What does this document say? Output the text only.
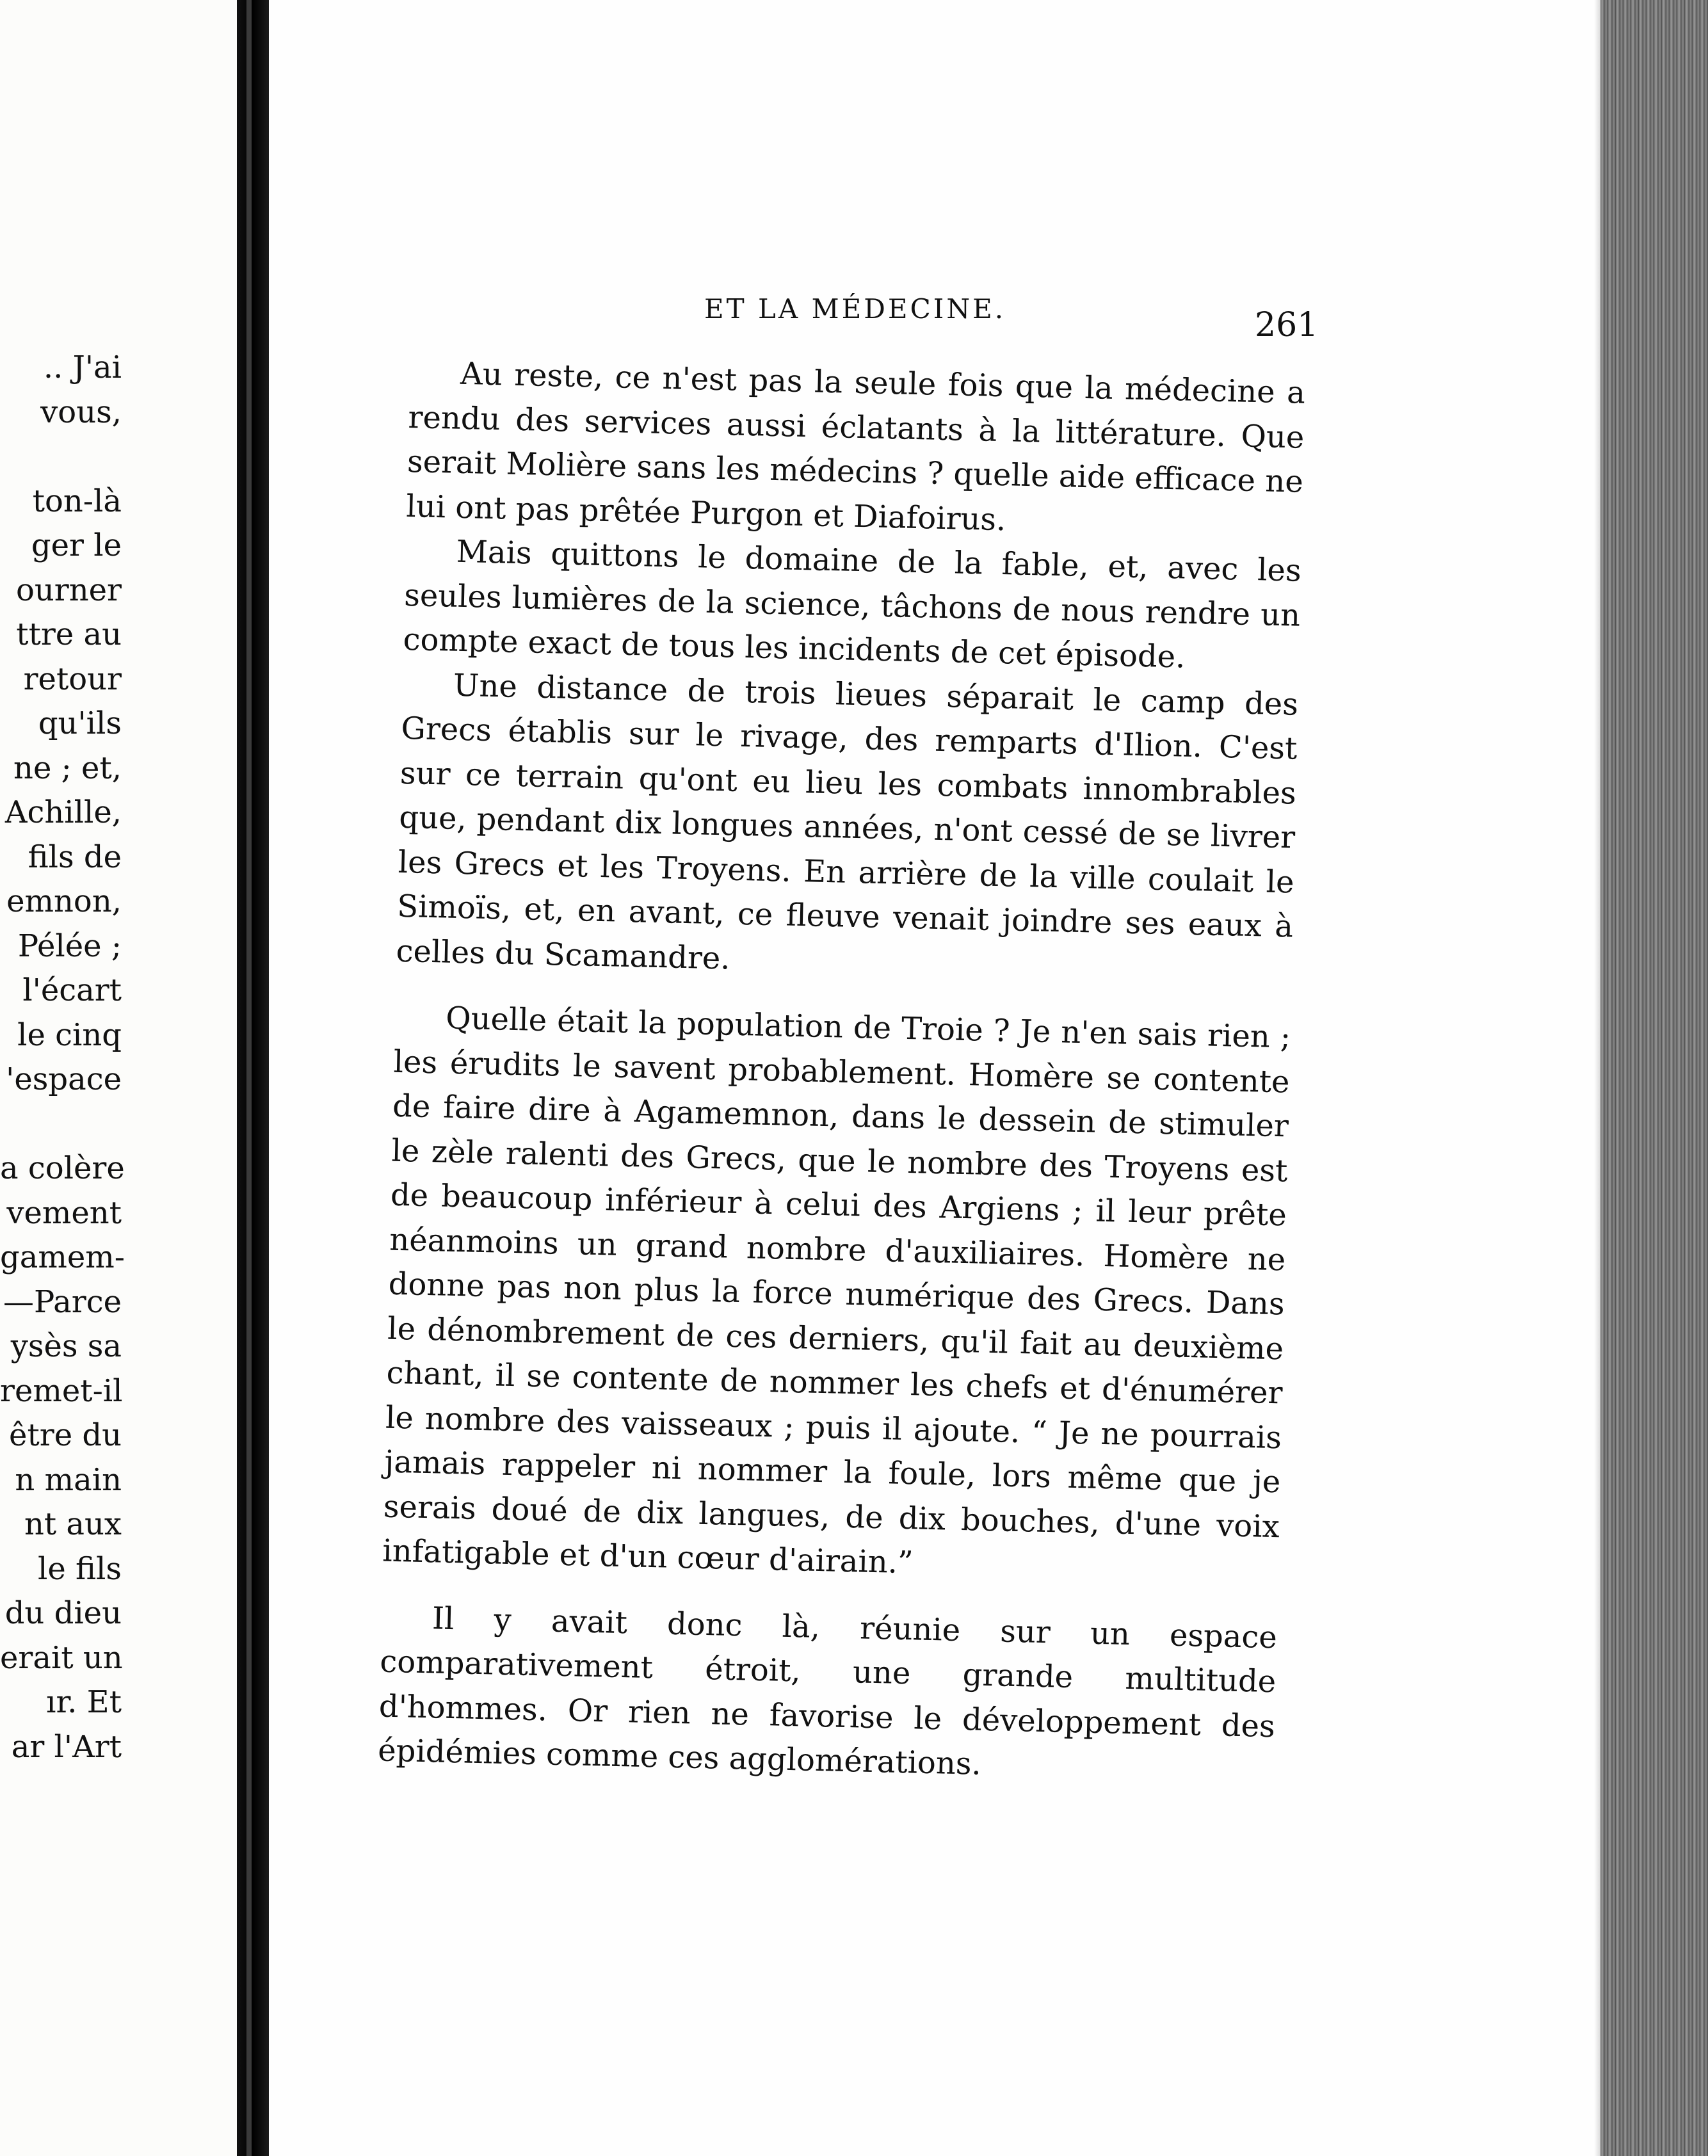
.. J'ai
vous,
ton-là
ger le
ourner
ttre au
retour
qu'ils
ne ; et,
Achille,
fils de
emnon,
Pélée ;
l'écart
le cinq
'espace
a colère
vement
gamem-
—Parce
ysès sa
remet-il
être du
n main
nt aux
le fils
du dieu
erait un
ır. Et
ar l'Art
ET LA MÉDECINE.	261

Au reste, ce n'est pas la seule fois que la médecine a rendu des services aussi éclatants à la littérature. Que serait Molière sans les médecins ? quelle aide efficace ne lui ont pas prêtée Purgon et Diafoirus.

Mais quittons le domaine de la fable, et, avec les seules lumières de la science, tâchons de nous rendre un compte exact de tous les incidents de cet épisode.

Une distance de trois lieues séparait le camp des Grecs établis sur le rivage, des remparts d'Ilion. C'est sur ce terrain qu'ont eu lieu les combats innombrables que, pendant dix longues années, n'ont cessé de se livrer les Grecs et les Troyens. En arrière de la ville coulait le Simoïs, et, en avant, ce fleuve venait joindre ses eaux à celles du Scamandre.

Quelle était la population de Troie ? Je n'en sais rien ; les érudits le savent probablement. Homère se contente de faire dire à Agamemnon, dans le dessein de stimuler le zèle ralenti des Grecs, que le nombre des Troyens est de beaucoup inférieur à celui des Argiens ; il leur prête néanmoins un grand nombre d'auxiliaires. Homère ne donne pas non plus la force numérique des Grecs. Dans le dénombrement de ces derniers, qu'il fait au deuxième chant, il se contente de nommer les chefs et d'énumérer le nombre des vaisseaux ; puis il ajoute. “ Je ne pourrais jamais rappeler ni nommer la foule, lors même que je serais doué de dix langues, de dix bouches, d'une voix infatigable et d'un cœur d'airain.”

Il y avait donc là, réunie sur un espace comparativement étroit, une grande multitude d'hommes. Or rien ne favorise le développement des épidémies comme ces agglomérations.
